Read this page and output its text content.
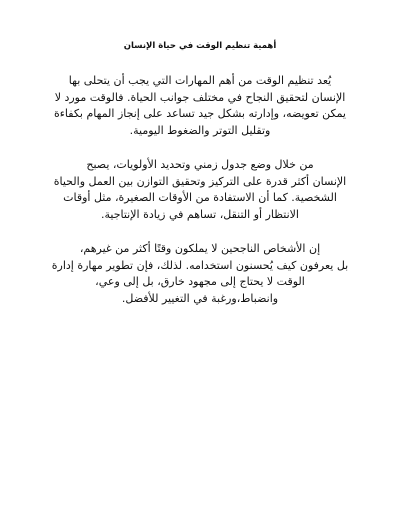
أهمية تنظيم الوقت في حياة الإنسان
يُعد تنظيم الوقت من أهم المهارات التي يجب أن يتحلى بها
الإنسان لتحقيق النجاح في مختلف جوانب الحياة. فالوقت مورد لا
يمكن تعويضه، وإدارته بشكل جيد تساعد على إنجاز المهام بكفاءة
وتقليل التوتر والضغوط اليومية.
من خلال وضع جدول زمني وتحديد الأولويات، يصبح
الإنسان أكثر قدرة على التركيز وتحقيق التوازن بين العمل والحياة
الشخصية. كما أن الاستفادة من الأوقات الصغيرة، مثل أوقات
الانتظار أو التنقل، تساهم في زيادة الإنتاجية.
إن الأشخاص الناجحين لا يملكون وقتًا أكثر من غيرهم،
بل يعرفون كيف يُحسنون استخدامه. لذلك، فإن تطوير مهارة إدارة
الوقت لا يحتاج إلى مجهود خارق، بل إلى وعي،
وانضباط،ورغبة في التغيير للأفضل.
